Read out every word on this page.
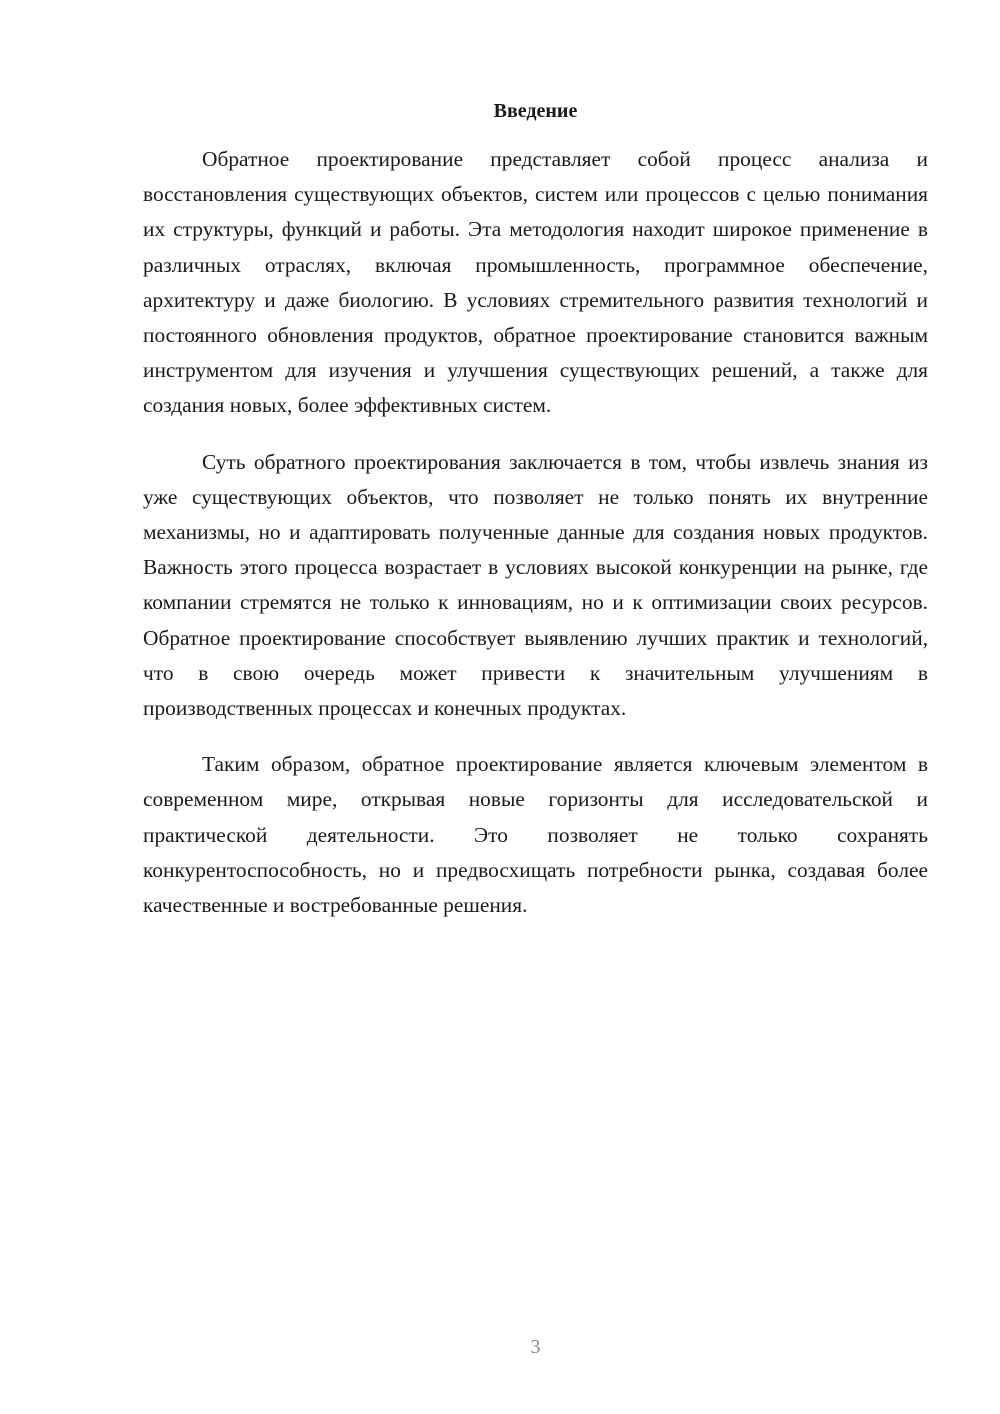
Введение

Обратное проектирование представляет собой процесс анализа и восстановления существующих объектов, систем или процессов с целью понимания их структуры, функций и работы. Эта методология находит широкое применение в различных отраслях, включая промышленность, программное обеспечение, архитектуру и даже биологию. В условиях стремительного развития технологий и постоянного обновления продуктов, обратное проектирование становится важным инструментом для изучения и улучшения существующих решений, а также для создания новых, более эффективных систем.

Суть обратного проектирования заключается в том, чтобы извлечь знания из уже существующих объектов, что позволяет не только понять их внутренние механизмы, но и адаптировать полученные данные для создания новых продуктов. Важность этого процесса возрастает в условиях высокой конкуренции на рынке, где компании стремятся не только к инновациям, но и к оптимизации своих ресурсов. Обратное проектирование способствует выявлению лучших практик и технологий, что в свою очередь может привести к значительным улучшениям в производственных процессах и конечных продуктах.

Таким образом, обратное проектирование является ключевым элементом в современном мире, открывая новые горизонты для исследовательской и практической деятельности. Это позволяет не только сохранять конкурентоспособность, но и предвосхищать потребности рынка, создавая более качественные и востребованные решения.

3
